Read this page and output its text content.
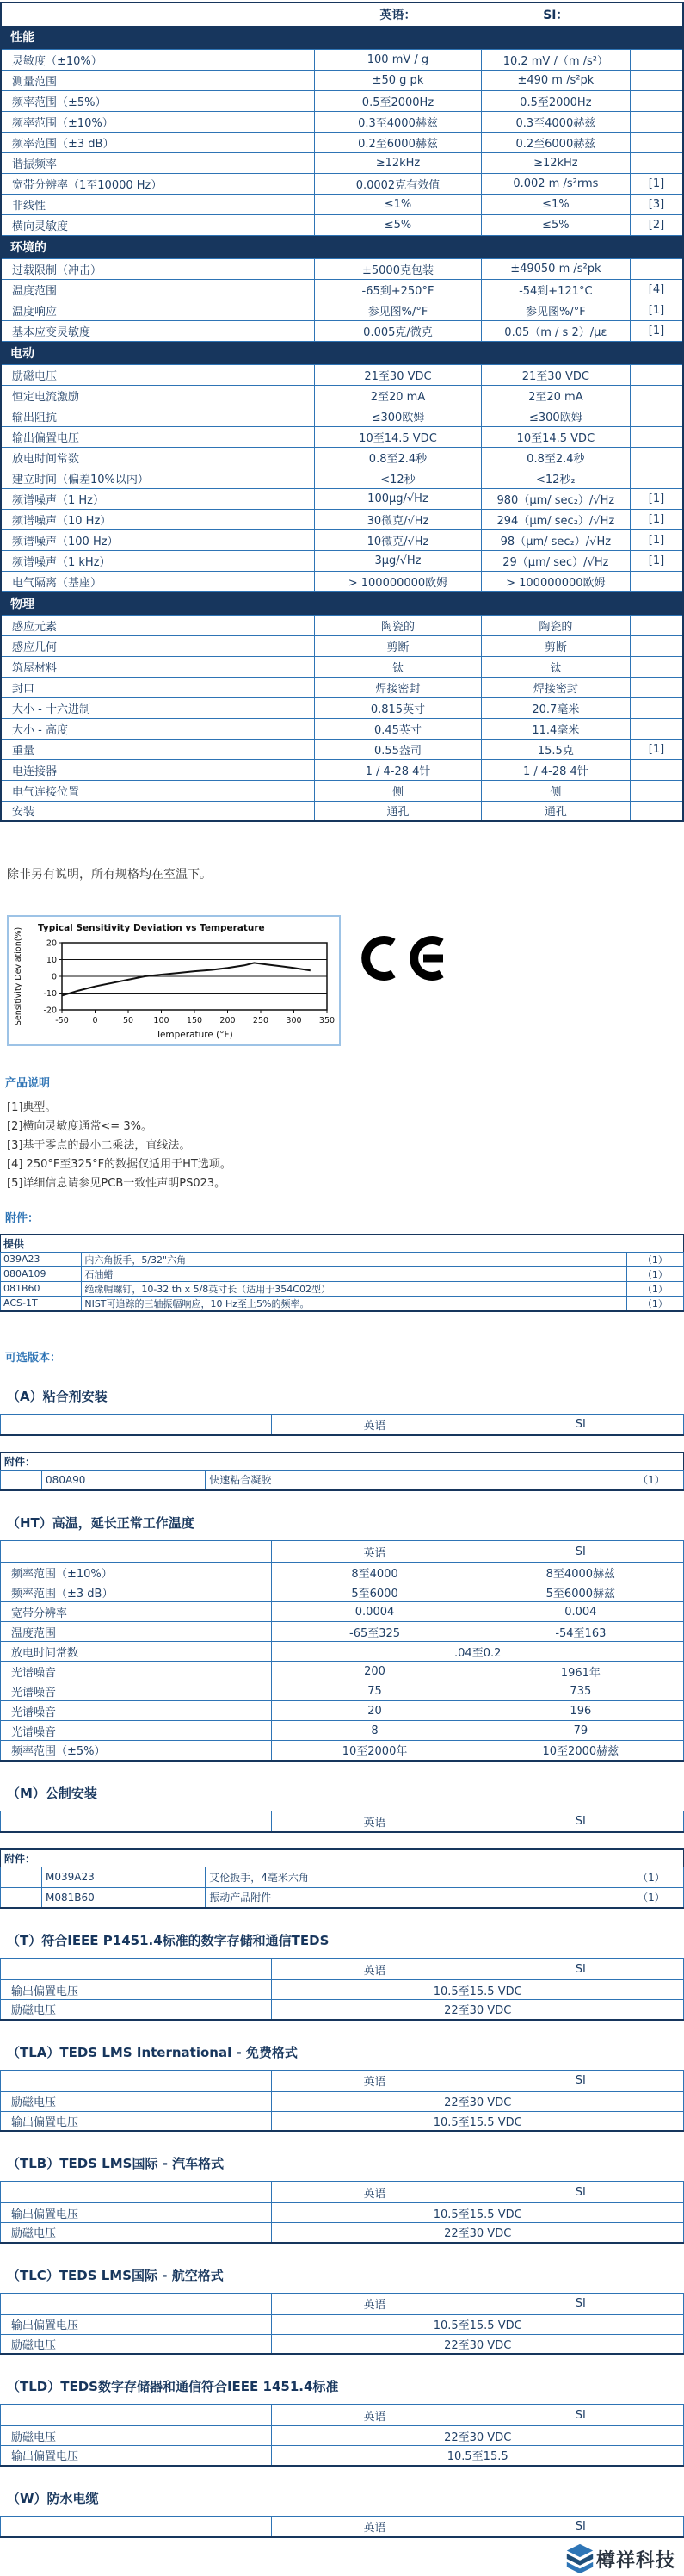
	英语：	SI：	
性能			
灵敏度（±10%）	100 mV / g	10.2 mV /（m /s²）	
测量范围	±50 g pk	±490 m /s²pk	
频率范围（±5%）	0.5至2000Hz	0.5至2000Hz	
频率范围（±10%）	0.3至4000赫兹	0.3至4000赫兹	
频率范围（±3 dB）	0.2至6000赫兹	0.2至6000赫兹	
谐振频率	≥12kHz	≥12kHz	
宽带分辨率（1至10000 Hz）	0.0002克有效值	0.002 m /s²rms	[1]
非线性	≤1%	≤1%	[3]
横向灵敏度	≤5%	≤5%	[2]
环境的			
过载限制（冲击）	±5000克包装	±49050 m /s²pk	
温度范围	-65到+250°F	-54到+121°C	[4]
温度响应	参见图%/°F	参见图%/°F	[1]
基本应变灵敏度	0.005克/微克	0.05（m / s 2）/με	[1]
电动			
励磁电压	21至30 VDC	21至30 VDC	
恒定电流激励	2至20 mA	2至20 mA	
输出阻抗	≤300欧姆	≤300欧姆	
输出偏置电压	10至14.5 VDC	10至14.5 VDC	
放电时间常数	0.8至2.4秒	0.8至2.4秒	
建立时间（偏差10%以内）	<12秒	<12秒₂	
频谱噪声（1 Hz）	100μg/√Hz	980（μm/ sec₂）/√Hz	[1]
频谱噪声（10 Hz）	30微克/√Hz	294（μm/ sec₂）/√Hz	[1]
频谱噪声（100 Hz）	10微克/√Hz	98（μm/ sec₂）/√Hz	[1]
频谱噪声（1 kHz）	3μg/√Hz	29（μm/ sec）/√Hz	[1]
电气隔离（基座）	> 100000000欧姆	> 100000000欧姆	
物理			
感应元素	陶瓷的	陶瓷的	
感应几何	剪断	剪断	
筑屋材料	钛	钛	
封口	焊接密封	焊接密封	
大小 - 十六进制	0.815英寸	20.7毫米	
大小 - 高度	0.45英寸	11.4毫米	
重量	0.55盎司	15.5克	[1]
电连接器	1 / 4-28 4针	1 / 4-28 4针	
电气连接位置	侧	侧	
安装	通孔	通孔	
除非另有说明，所有规格均在室温下。
Typical Sensitivity Deviation vs Temperature
-20
-10
0
10
20
-50	0	50 100 150 200 250 300 350
Temperature (°F)
Sensitivity Deviation(%)
产品说明
[1]典型。
[2]横向灵敏度通常<= 3%。
[3]基于零点的最小二乘法，直线法。
[4] 250°F至325°F的数据仅适用于HT选项。
[5]详细信息请参见PCB一致性声明PS023。
附件：
提供		
039A23	内六角扳手，5/32"六角	（1）
080A109	石油蜡	（1）
081B60	绝缘帽螺钉，10-32 th x 5/8英寸长（适用于354C02型）	（1）
ACS-1T	NIST可追踪的三轴振幅响应，10 Hz至上5%的频率。	（1）
可选版本：
（A）粘合剂安装
	英语	SI
附件：
	080A90	快速粘合凝胶	（1）
（HT）高温，延长正常工作温度
	英语	SI
频率范围（±10%）	8至4000	8至4000赫兹
频率范围（±3 dB）	5至6000	5至6000赫兹
宽带分辨率	0.0004	0.004
温度范围	-65至325	-54至163
放电时间常数	.04至0.2	
光谱噪音	200	1961年
光谱噪音	75	735
光谱噪音	20	196
光谱噪音	8	79
频率范围（±5%）	10至2000年	10至2000赫兹
（M）公制安装
	英语	SI
附件：			
	M039A23	艾伦扳手，4毫米六角	（1）
	M081B60	振动产品附件	（1）
（T）符合IEEE P1451.4标准的数字存储和通信TEDS
	英语	SI
输出偏置电压	10.5至15.5 VDC	
励磁电压	22至30 VDC	
（TLA）TEDS LMS International - 免费格式
	英语	SI
励磁电压	22至30 VDC	
输出偏置电压	10.5至15.5 VDC	
（TLB）TEDS LMS国际 - 汽车格式
	英语	SI
输出偏置电压	10.5至15.5 VDC	
励磁电压	22至30 VDC	
（TLC）TEDS LMS国际 - 航空格式
	英语	SI
输出偏置电压	10.5至15.5 VDC	
励磁电压	22至30 VDC	
（TLD）TEDS数字存储器和通信符合IEEE 1451.4标准
	英语	SI
励磁电压	22至30 VDC	
输出偏置电压	10.5至15.5	
（W）防水电缆
	英语	SI
樽祥科技
